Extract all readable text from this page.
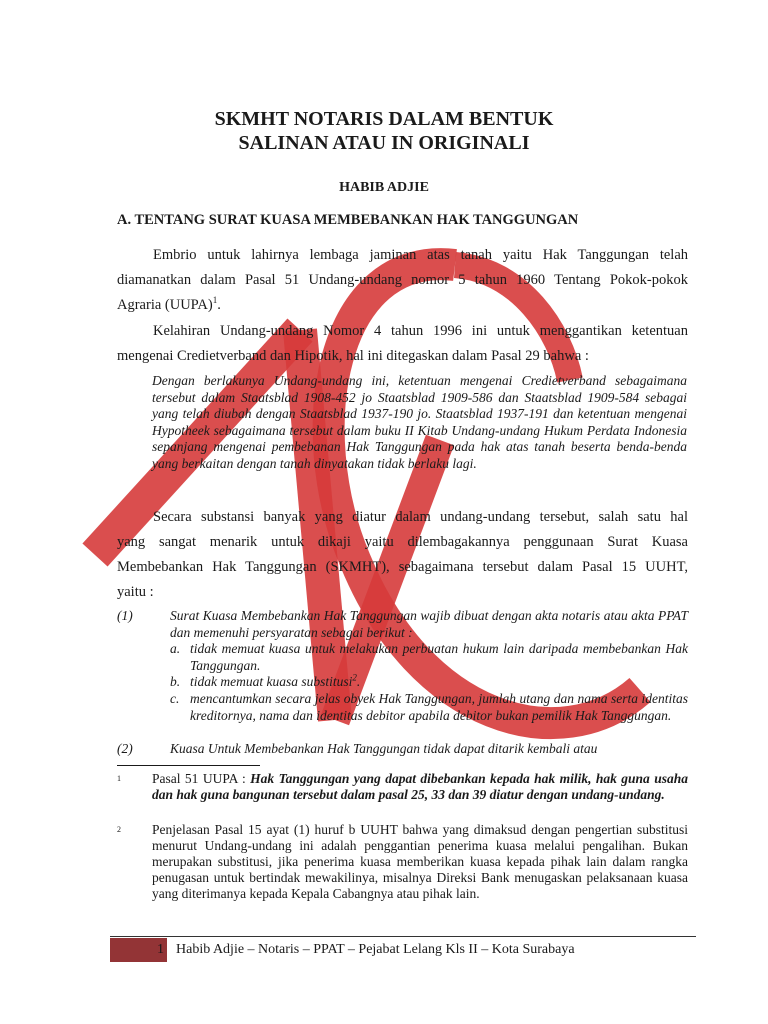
SKMHT NOTARIS DALAM BENTUK
SALINAN ATAU IN ORIGINALI
HABIB ADJIE
A. TENTANG SURAT KUASA MEMBEBANKAN HAK TANGGUNGAN
Embrio untuk lahirnya lembaga jaminan atas tanah yaitu Hak Tanggungan telah
diamanatkan dalam Pasal 51 Undang-undang nomor 5 tahun 1960 Tentang Pokok-pokok
Agraria (UUPA)$^1$.
Kelahiran Undang-undang Nomor 4 tahun 1996 ini untuk menggantikan ketentuan
mengenai Credietverband dan Hipotik, hal ini ditegaskan dalam Pasal 29 bahwa :
Dengan berlakunya Undang-undang ini, ketentuan mengenai Credietverband sebagaimana tersebut dalam Staatsblad 1908-452 jo Staatsblad 1909-586 dan Staatsblad 1909-584 sebagai yang telah diubah dengan Staatsblad 1937-190 jo. Staatsblad 1937-191 dan ketentuan mengenai Hypotheek sebagaimana tersebut dalam buku II Kitab Undang-undang Hukum Perdata Indonesia sepanjang mengenai pembebanan Hak Tanggungan pada hak atas tanah beserta benda-benda yang berkaitan dengan tanah dinyatakan tidak berlaku lagi.
Secara substansi banyak yang diatur dalam undang-undang tersebut, salah satu hal
yang sangat menarik untuk dikaji yaitu dilembagakannya penggunaan Surat Kuasa
Membebankan Hak Tanggungan (SKMHT), sebagaimana tersebut dalam Pasal 15 UUHT,
yaitu :
(1)	Surat Kuasa Membebankan Hak Tanggungan wajib dibuat dengan akta notaris atau akta PPAT dan memenuhi persyaratan sebagai berikut :
a. tidak memuat kuasa untuk melakukan perbuatan hukum lain daripada membebankan Hak Tanggungan.
b. tidak memuat kuasa substitusi$^2$.
c. mencantumkan secara jelas obyek Hak Tanggungan, jumlah utang dan nama serta identitas kreditornya, nama dan identitas debitor apabila debitor bukan pemilik Hak Tanggungan.
(2)	Kuasa Untuk Membebankan Hak Tanggungan tidak dapat ditarik kembali atau
1 Pasal 51 UUPA : Hak Tanggungan yang dapat dibebankan kepada hak milik, hak guna usaha dan hak guna bangunan tersebut dalam pasal 25, 33 dan 39 diatur dengan undang-undang.
2 Penjelasan Pasal 15 ayat (1) huruf b UUHT bahwa yang dimaksud dengan pengertian substitusi menurut Undang-undang ini adalah penggantian penerima kuasa melalui pengalihan. Bukan merupakan substitusi, jika penerima kuasa memberikan kuasa kepada pihak lain dalam rangka penugasan untuk bertindak mewakilinya, misalnya Direksi Bank menugaskan pelaksanaan kuasa yang diterimanya kepada Kepala Cabangnya atau pihak lain.
1 Habib Adjie – Notaris – PPAT – Pejabat Lelang Kls II – Kota Surabaya
